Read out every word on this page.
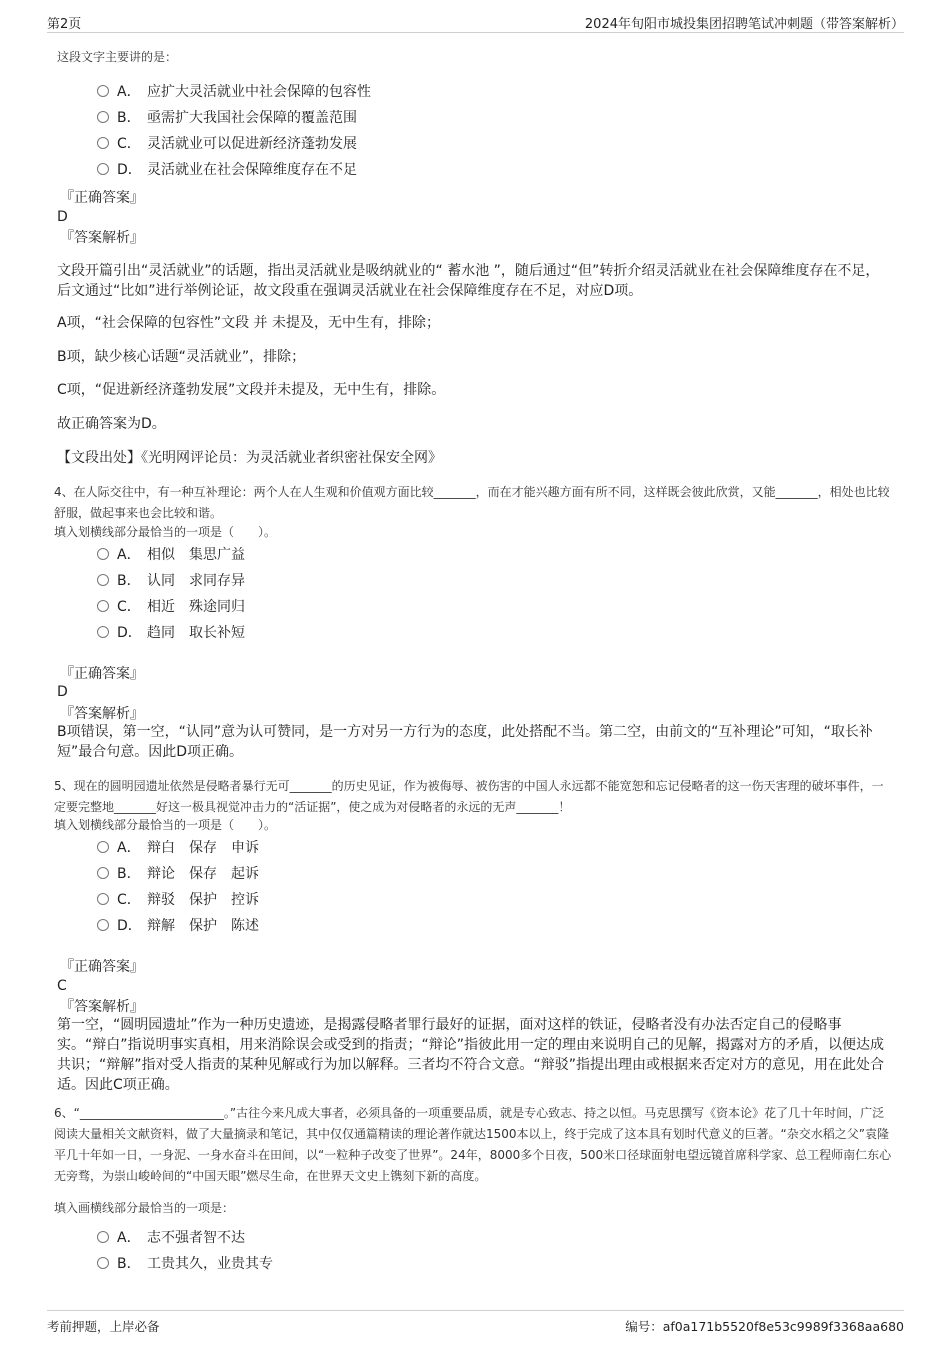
第2页	2024年旬阳市城投集团招聘笔试冲刺题（带答案解析）
这段文字主要讲的是：
A． 应扩大灵活就业中社会保障的包容性
B． 亟需扩大我国社会保障的覆盖范围
C． 灵活就业可以促进新经济蓬勃发展
D． 灵活就业在社会保障维度存在不足
『正确答案』
D
『答案解析』
文段开篇引出“灵活就业”的话题，指出灵活就业是吸纳就业的“ 蓄水池 ”，随后通过“但”转折介绍灵活就业在社会保障维度存在不足，后文通过“比如”进行举例论证，故文段重在强调灵活就业在社会保障维度存在不足，对应D项。
A项，“社会保障的包容性”文段 并 未提及，无中生有，排除；
B项，缺少核心话题“灵活就业”，排除；
C项，“促进新经济蓬勃发展”文段并未提及，无中生有，排除。
故正确答案为D。
【文段出处】《光明网评论员：为灵活就业者织密社保安全网》
4、在人际交往中，有一种互补理论：两个人在人生观和价值观方面比较_______，而在才能兴趣方面有所不同，这样既会彼此欣赏，又能_______，相处也比较舒服，做起事来也会比较和谐。
填入划横线部分最恰当的一项是（　　）。
A． 相似　集思广益
B． 认同　求同存异
C． 相近　殊途同归
D． 趋同　取长补短
『正确答案』
D
『答案解析』
B项错误，第一空，“认同”意为认可赞同，是一方对另一方行为的态度，此处搭配不当。第二空，由前文的“互补理论”可知，“取长补短”最合句意。因此D项正确。
5、现在的圆明园遗址依然是侵略者暴行无可_______的历史见证，作为被侮辱、被伤害的中国人永远都不能宽恕和忘记侵略者的这一伤天害理的破坏事件，一定要完整地_______好这一极具视觉冲击力的“活证据”，使之成为对侵略者的永远的无声_______！
填入划横线部分最恰当的一项是（　　）。
A． 辩白　保存　申诉
B． 辩论　保存　起诉
C． 辩驳　保护　控诉
D． 辩解　保护　陈述
『正确答案』
C
『答案解析』
第一空，“圆明园遗址”作为一种历史遗迹，是揭露侵略者罪行最好的证据，面对这样的铁证，侵略者没有办法否定自己的侵略事实。“辩白”指说明事实真相，用来消除误会或受到的指责；“辩论”指彼此用一定的理由来说明自己的见解，揭露对方的矛盾，以便达成共识；“辩解”指对受人指责的某种见解或行为加以解释。三者均不符合文意。“辩驳”指提出理由或根据来否定对方的意见，用在此处合适。因此C项正确。
6、“________________________。”古往今来凡成大事者，必须具备的一项重要品质，就是专心致志、持之以恒。马克思撰写《资本论》花了几十年时间，广泛阅读大量相关文献资料，做了大量摘录和笔记，其中仅仅通篇精读的理论著作就达1500本以上，终于完成了这本具有划时代意义的巨著。“杂交水稻之父”袁隆平几十年如一日，一身泥、一身水奋斗在田间，以“一粒种子改变了世界”。24年，8000多个日夜，500米口径球面射电望远镜首席科学家、总工程师南仁东心无旁骛，为崇山峻岭间的“中国天眼”燃尽生命，在世界天文史上镌刻下新的高度。
填入画横线部分最恰当的一项是：
A． 志不强者智不达
B． 工贵其久，业贵其专
考前押题，上岸必备	编号：af0a171b5520f8e53c9989f3368aa680
